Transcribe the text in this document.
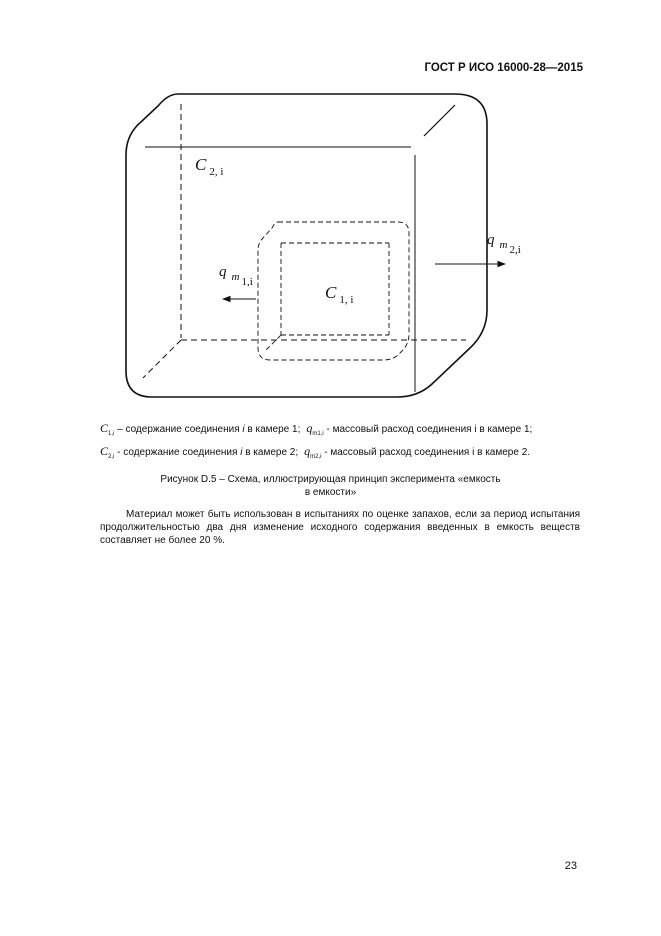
ГОСТ Р ИСО 16000-28—2015
C $_{2, i}$
C $_{1, i}$
q $_m$ $_{2,i}$
q $_m$ $_{1,i}$
$C_{1,i}$ – содержание соединения i в камере 1; $q_{m1,i}$ - массовый расход соединения i в камере 1;
$C_{2,i}$ - содержание соединения i в камере 2; $q_{m2,i}$ - массовый расход соединения i в камере 2.
Рисунок D.5 – Схема, иллюстрирующая принцип эксперимента «емкость
в емкости»
Материал может быть использован в испытаниях по оценке запахов, если за период испытания
продолжительностью два дня изменение исходного содержания введенных в емкость веществ составляет не более 20 %.
23
